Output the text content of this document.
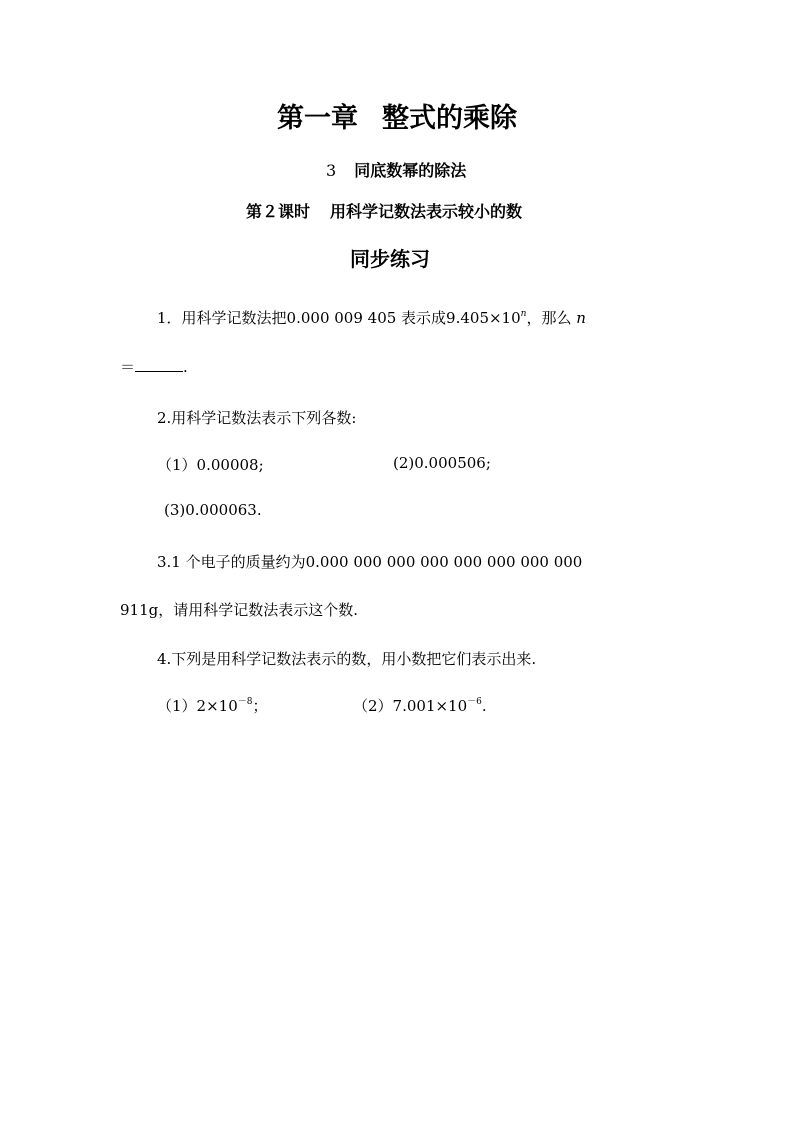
第一章 整式的乘除
3 同底数幂的除法
第２课时 用科学记数法表示较小的数
同步练习
1．用科学记数法把0.000 009 405 表示成$9.405\times 10^n$，那么 n
＝	.
2.用科学记数法表示下列各数:
（1）0.00008;	(2)0.000506;
(3)0.000063.
3.1 个电子的质量约为0.000 000 000 000 000 000 000 000
911g，请用科学记数法表示这个数.
4.下列是用科学记数法表示的数，用小数把它们表示出来.
$(1)2\times 10^{-8}$；	$(2)7.001\times 10^{-6}$.
